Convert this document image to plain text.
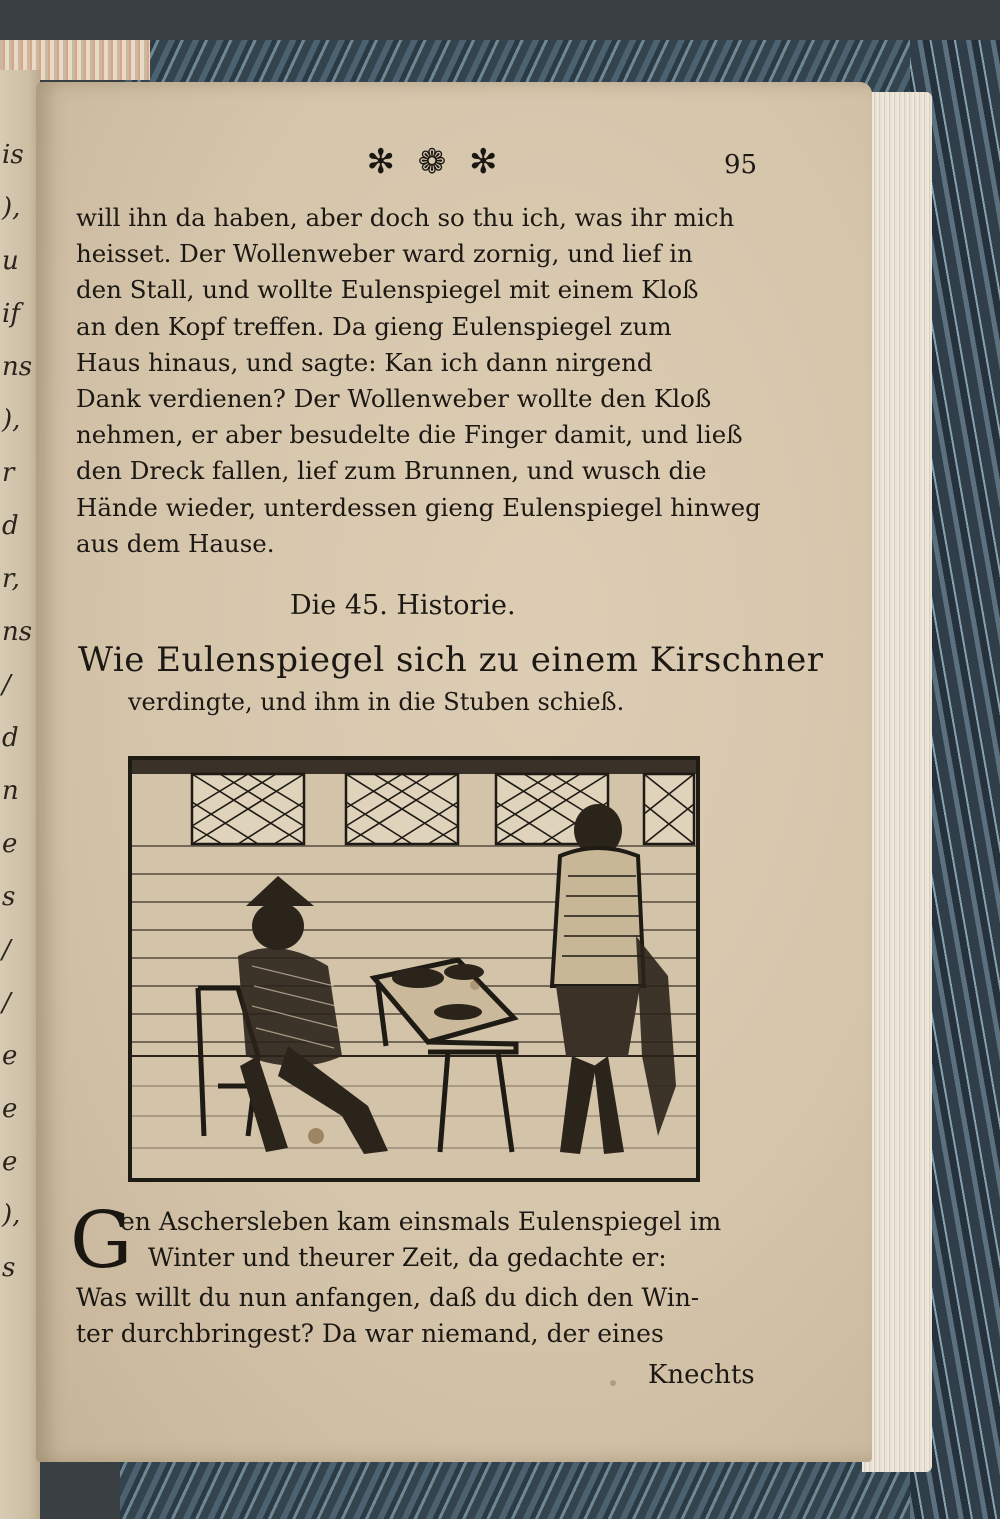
is
),
u
if
ns
),
r
d
r,
ns
/
d
n
e
s
/
/
e
e
e
),
s
✻ ❁ ✻	95
will ihn da haben, aber doch so thu ich, was ihr mich
heisset. Der Wollenweber ward zornig, und lief in
den Stall, und wollte Eulenspiegel mit einem Kloß
an den Kopf treffen. Da gieng Eulenspiegel zum
Haus hinaus, und sagte: Kan ich dann nirgend
Dank verdienen? Der Wollenweber wollte den Kloß
nehmen, er aber besudelte die Finger damit, und ließ
den Dreck fallen, lief zum Brunnen, und wusch die
Hände wieder, unterdessen gieng Eulenspiegel hinweg
aus dem Hause.
Die 45. Historie.
Wie Eulenspiegel sich zu einem Kirschner
verdingte, und ihm in die Stuben schieß.
G
en Aschersleben kam einsmals Eulenspiegel im
Winter und theurer Zeit, da gedachte er:
Was willt du nun anfangen, daß du dich den Win-
ter durchbringest? Da war niemand, der eines
Knechts
